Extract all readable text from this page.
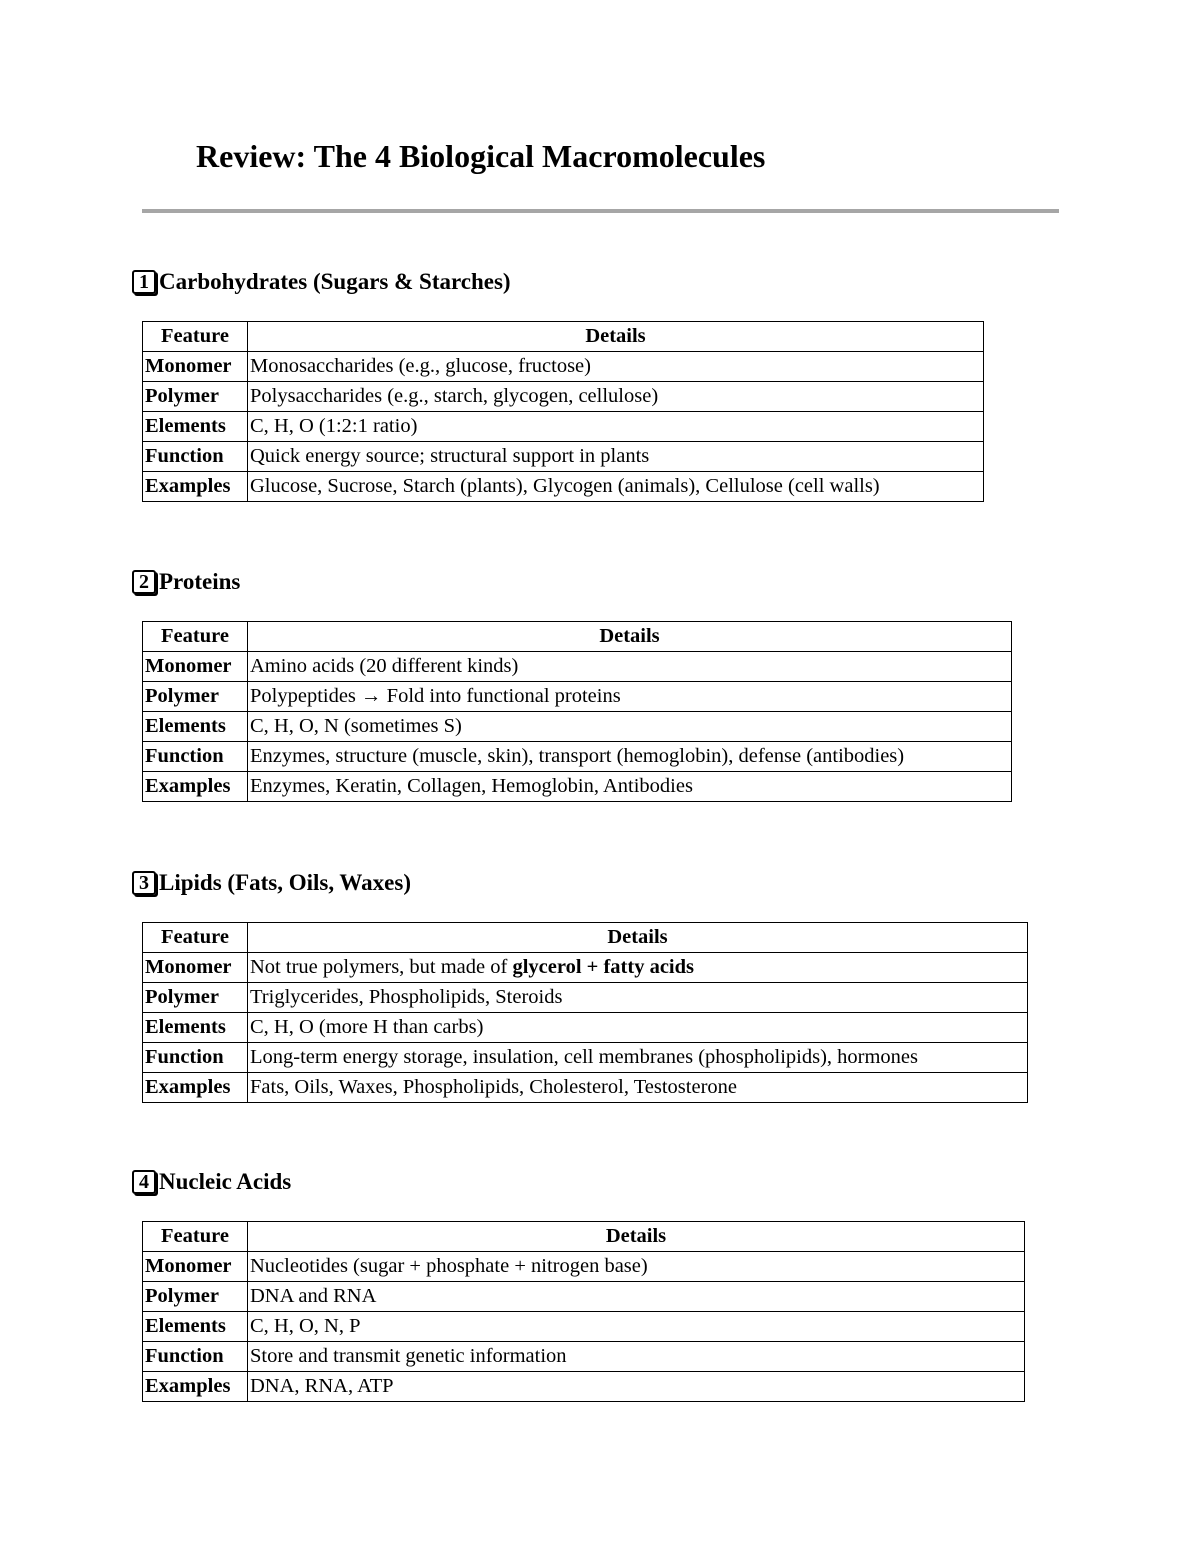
Review: The 4 Biological Macromolecules
1 Carbohydrates (Sugars & Starches)
Feature	Details
Monomer	Monosaccharides (e.g., glucose, fructose)
Polymer	Polysaccharides (e.g., starch, glycogen, cellulose)
Elements	C, H, O (1:2:1 ratio)
Function	Quick energy source; structural support in plants
Examples	Glucose, Sucrose, Starch (plants), Glycogen (animals), Cellulose (cell walls)
2 Proteins
Feature	Details
Monomer	Amino acids (20 different kinds)
Polymer	Polypeptides → Fold into functional proteins
Elements	C, H, O, N (sometimes S)
Function	Enzymes, structure (muscle, skin), transport (hemoglobin), defense (antibodies)
Examples	Enzymes, Keratin, Collagen, Hemoglobin, Antibodies
3 Lipids (Fats, Oils, Waxes)
Feature	Details
Monomer	Not true polymers, but made of glycerol + fatty acids
Polymer	Triglycerides, Phospholipids, Steroids
Elements	C, H, O (more H than carbs)
Function	Long-term energy storage, insulation, cell membranes (phospholipids), hormones
Examples	Fats, Oils, Waxes, Phospholipids, Cholesterol, Testosterone
4 Nucleic Acids
Feature	Details
Monomer	Nucleotides (sugar + phosphate + nitrogen base)
Polymer	DNA and RNA
Elements	C, H, O, N, P
Function	Store and transmit genetic information
Examples	DNA, RNA, ATP
